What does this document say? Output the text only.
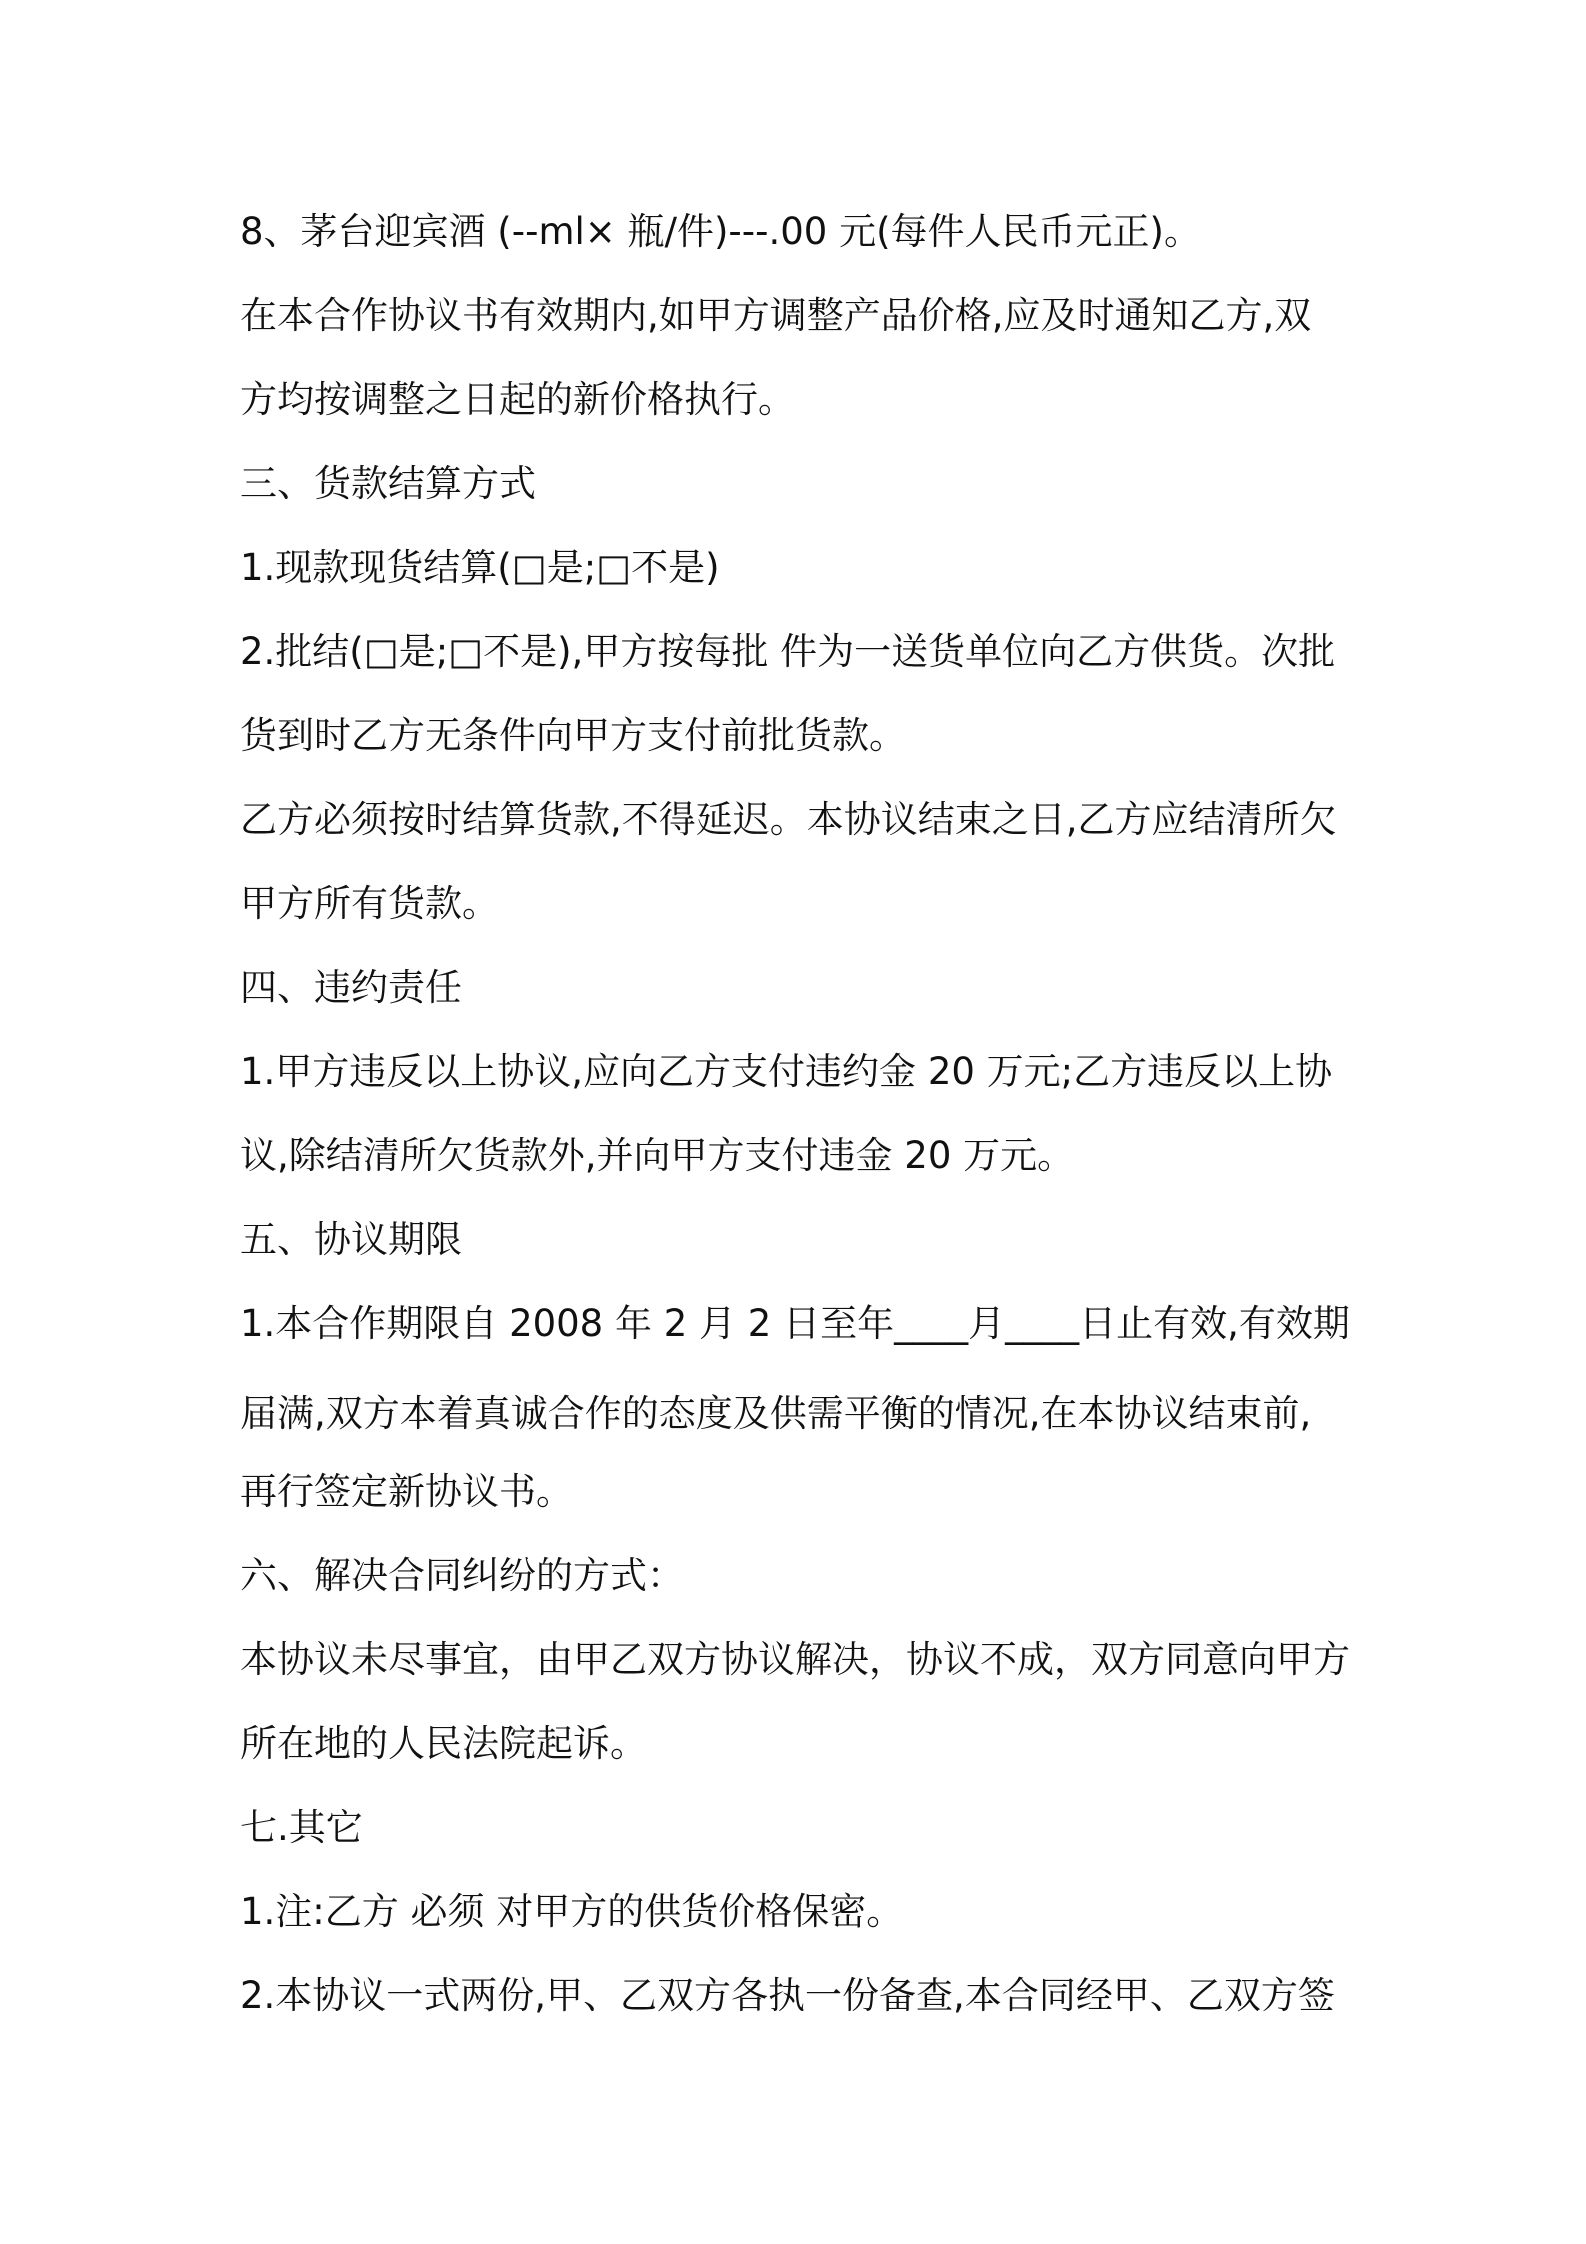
8、茅台迎宾酒 (--ml× 瓶/件)---.00 元(每件人民币元正)。
在本合作协议书有效期内,如甲方调整产品价格,应及时通知乙方,双
方均按调整之日起的新价格执行。
三、货款结算方式
1.现款现货结算(□是;□不是)
2.批结(□是;□不是),甲方按每批 件为一送货单位向乙方供货。次批
货到时乙方无条件向甲方支付前批货款。
乙方必须按时结算货款,不得延迟。本协议结束之日,乙方应结清所欠
甲方所有货款。
四、违约责任
1.甲方违反以上协议,应向乙方支付违约金 20 万元;乙方违反以上协
议,除结清所欠货款外,并向甲方支付违金 20 万元。
五、协议期限
1.本合作期限自 2008 年 2 月 2 日至年____月____日止有效,有效期
届满,双方本着真诚合作的态度及供需平衡的情况,在本协议结束前,
再行签定新协议书。
六、解决合同纠纷的方式：
本协议未尽事宜，由甲乙双方协议解决，协议不成，双方同意向甲方
所在地的人民法院起诉。
七.其它
1.注:乙方 必须 对甲方的供货价格保密。
2.本协议一式两份,甲、乙双方各执一份备查,本合同经甲、乙双方签
